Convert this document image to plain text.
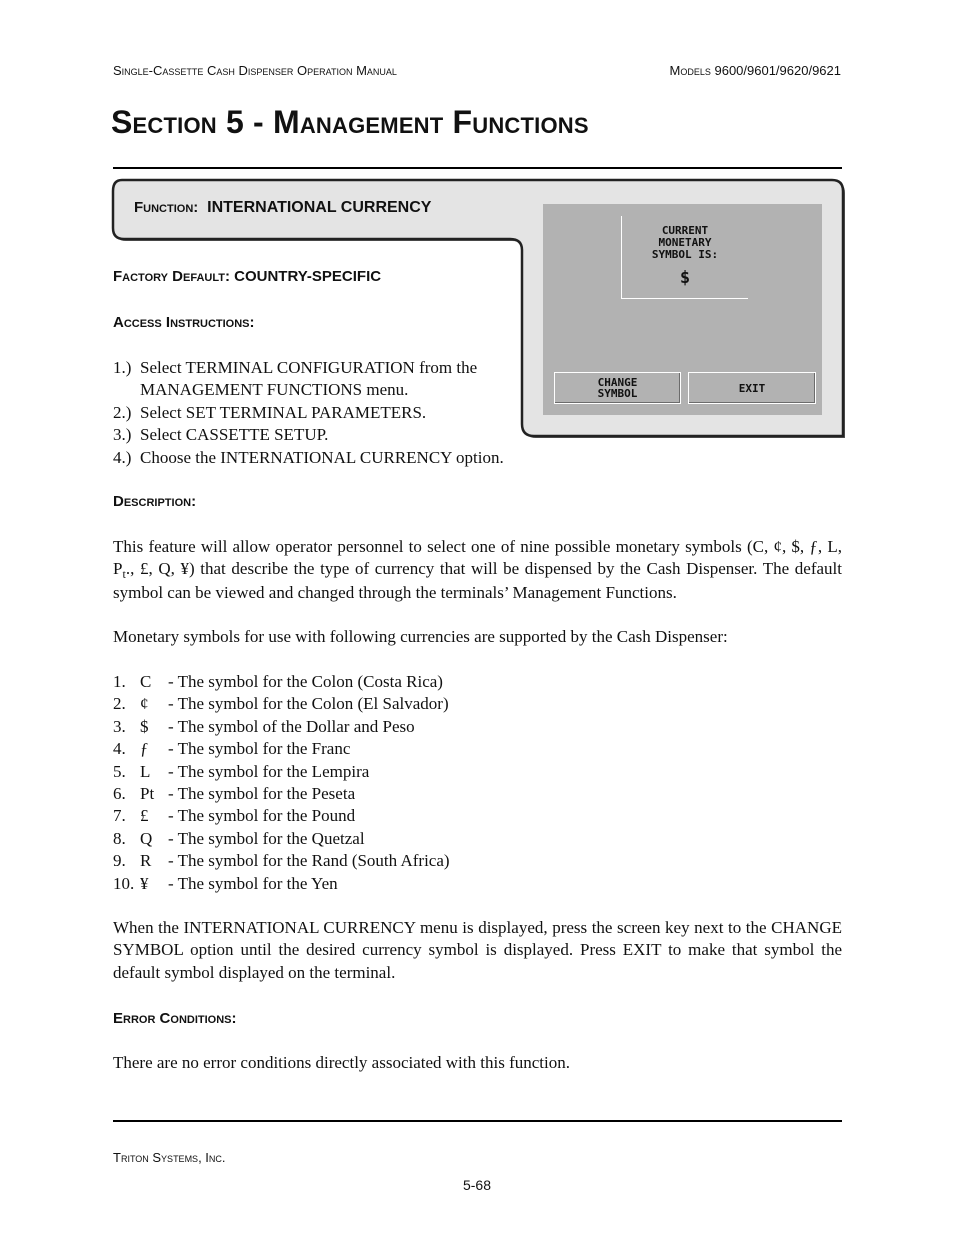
Single-Cassette Cash Dispenser Operation Manual	Models 9600/9601/9620/9621
Section 5 - Management Functions
Function: INTERNATIONAL CURRENCY
CURRENT
MONETARY
SYMBOL IS:
$
CHANGE
SYMBOL	EXIT
Factory Default: COUNTRY-SPECIFIC
Access Instructions:
1.) Select TERMINAL CONFIGURATION from the
MANAGEMENT FUNCTIONS menu.
2.) Select SET TERMINAL PARAMETERS.
3.) Select CASSETTE SETUP.
4.) Choose the INTERNATIONAL CURRENCY option.
Description:

This feature will allow operator personnel to select one of nine possible monetary symbols (C, ¢, $, ƒ, L, $P_t$., £, Q, ¥) that describe the type of currency that will be dispensed by the Cash Dispenser. The default symbol can be viewed and changed through the terminals’ Management Functions.

Monetary symbols for use with following currencies are supported by the Cash Dispenser:

1. C - The symbol for the Colon (Costa Rica)
2. ¢ - The symbol for the Colon (El Salvador)
3. $ - The symbol of the Dollar and Peso
4. ƒ - The symbol for the Franc
5. L - The symbol for the Lempira
6. Pt - The symbol for the Peseta
7. £ - The symbol for the Pound
8. Q - The symbol for the Quetzal
9. R - The symbol for the Rand (South Africa)
10. ¥ - The symbol for the Yen

When the INTERNATIONAL CURRENCY menu is displayed, press the screen key next to the CHANGE SYMBOL option until the desired currency symbol is displayed. Press EXIT to make that symbol the default symbol displayed on the terminal.

Error Conditions:

There are no error conditions directly associated with this function.

Triton Systems, Inc.
5-68
